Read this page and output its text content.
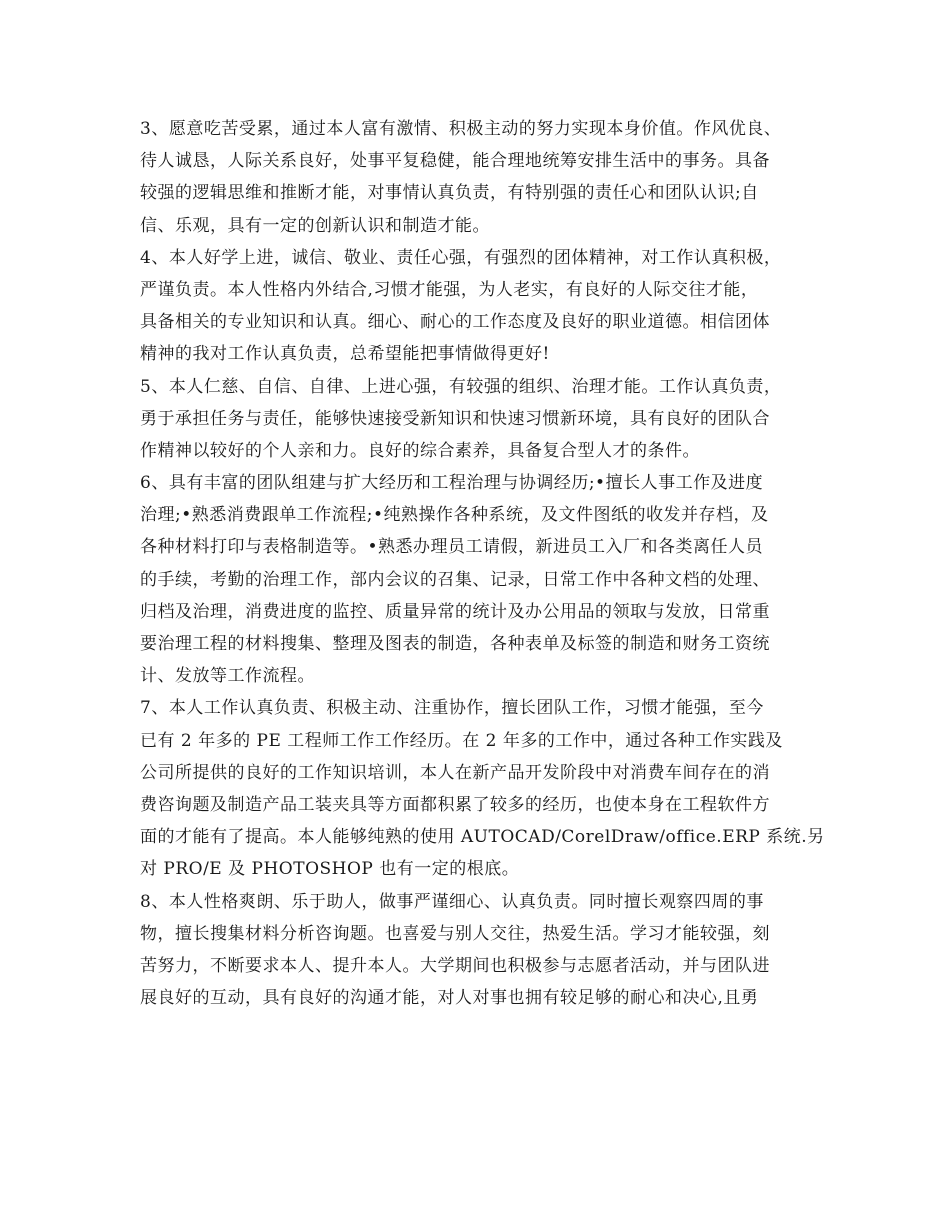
3、愿意吃苦受累，通过本人富有激情、积极主动的努力实现本身价值。作风优良、
待人诚恳，人际关系良好，处事平复稳健，能合理地统筹安排生活中的事务。具备
较强的逻辑思维和推断才能，对事情认真负责，有特别强的责任心和团队认识;自
信、乐观，具有一定的创新认识和制造才能。
4、本人好学上进，诚信、敬业、责任心强，有强烈的团体精神，对工作认真积极，
严谨负责。本人性格内外结合,习惯才能强，为人老实，有良好的人际交往才能，
具备相关的专业知识和认真。细心、耐心的工作态度及良好的职业道德。相信团体
精神的我对工作认真负责，总希望能把事情做得更好!
5、本人仁慈、自信、自律、上进心强，有较强的组织、治理才能。工作认真负责，
勇于承担任务与责任，能够快速接受新知识和快速习惯新环境，具有良好的团队合
作精神以较好的个人亲和力。良好的综合素养，具备复合型人才的条件。
6、具有丰富的团队组建与扩大经历和工程治理与协调经历;•擅长人事工作及进度
治理;•熟悉消费跟单工作流程;•纯熟操作各种系统，及文件图纸的收发并存档，及
各种材料打印与表格制造等。•熟悉办理员工请假，新进员工入厂和各类离任人员
的手续，考勤的治理工作，部内会议的召集、记录，日常工作中各种文档的处理、
归档及治理，消费进度的监控、质量异常的统计及办公用品的领取与发放，日常重
要治理工程的材料搜集、整理及图表的制造，各种表单及标签的制造和财务工资统
计、发放等工作流程。
7、本人工作认真负责、积极主动、注重协作，擅长团队工作，习惯才能强，至今
已有 2 年多的 PE 工程师工作工作经历。在 2 年多的工作中，通过各种工作实践及
公司所提供的良好的工作知识培训，本人在新产品开发阶段中对消费车间存在的消
费咨询题及制造产品工装夹具等方面都积累了较多的经历，也使本身在工程软件方
面的才能有了提高。本人能够纯熟的使用 AUTOCAD/CorelDraw/office.ERP 系统.另
对 PRO/E 及 PHOTOSHOP 也有一定的根底。
8、本人性格爽朗、乐于助人，做事严谨细心、认真负责。同时擅长观察四周的事
物，擅长搜集材料分析咨询题。也喜爱与别人交往，热爱生活。学习才能较强，刻
苦努力，不断要求本人、提升本人。大学期间也积极参与志愿者活动，并与团队进
展良好的互动，具有良好的沟通才能，对人对事也拥有较足够的耐心和决心,且勇
